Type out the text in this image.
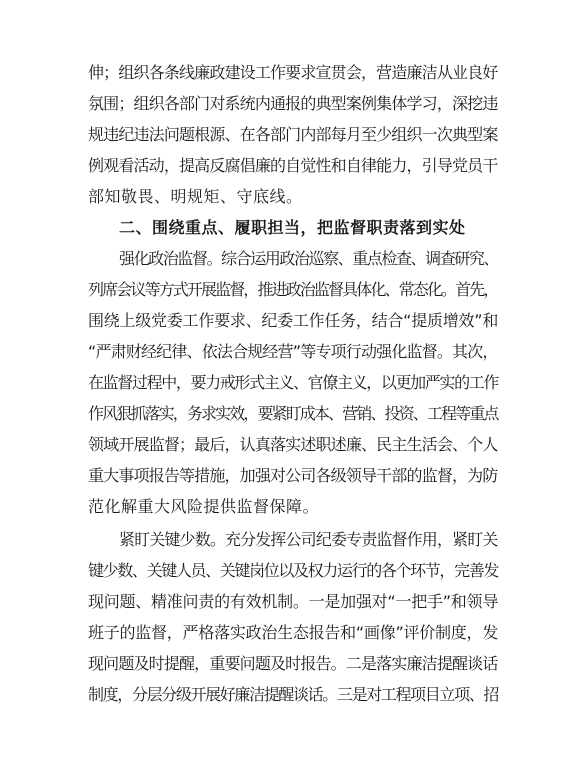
伸；组织各条线廉政建设工作要求宣贯会，营造廉洁从业良好
氛围；组织各部门对系统内通报的典型案例集体学习，深挖违
规违纪违法问题根源、在各部门内部每月至少组织一次典型案
例观看活动，提高反腐倡廉的自觉性和自律能力，引导党员干
部知敬畏、明规矩、守底线。
二、围绕重点、履职担当，把监督职责落到实处
强化政治监督。综合运用政治巡察、重点检查、调查研究、
列席会议等方式开展监督，推进政治监督具体化、常态化。首先，
围绕上级党委工作要求、纪委工作任务，结合“提质增效”和
“严肃财经纪律、依法合规经营”等专项行动强化监督。其次，
在监督过程中，要力戒形式主义、官僚主义，以更加严实的工作
作风狠抓落实，务求实效，要紧盯成本、营销、投资、工程等重点
领域开展监督；最后，认真落实述职述廉、民主生活会、个人
重大事项报告等措施，加强对公司各级领导干部的监督，为防
范化解重大风险提供监督保障。
紧盯关键少数。充分发挥公司纪委专责监督作用，紧盯关
键少数、关键人员、关键岗位以及权力运行的各个环节，完善发
现问题、精准问责的有效机制。一是加强对“一把手”和领导
班子的监督，严格落实政治生态报告和“画像”评价制度，发
现问题及时提醒，重要问题及时报告。二是落实廉洁提醒谈话
制度，分层分级开展好廉洁提醒谈话。三是对工程项目立项、招
